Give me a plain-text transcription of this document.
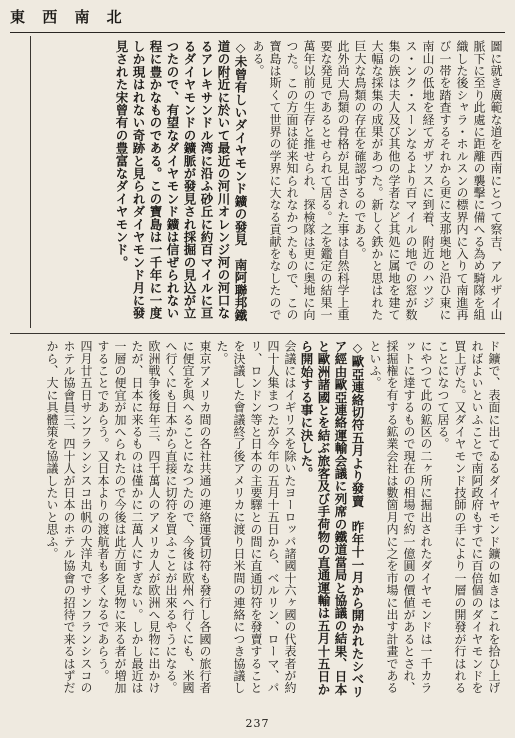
東 西 南 北
圖に就き廣範な道を西南にとつて察吉、アルザイ山脈下に至り此處に距離の襲擊に備へる為め騎隊を組織した後シャラ・ホルスンの標界内に入りて南進再び一帯を踏査するそれから更に支那奥地と沿ひ東に南山の低地を経てガザソスに到着、附近のハツジス・ンク・スーンなるより百マイルの地での窓が数集の族は夫人及び其他の学者など其処に属地を建て大幅な採集の成果があつた。新しく鉄かと思はれた巨大な鳥類の存在を確認するのである。
此外尚大鳥類の骨格が見出された事は自然科学上重要な発見であるとせられて居る。之を鑑定の結果一萬年以前の生存と推せられ、探検隊は更に奥地に向つた。この方面は従来知られなかつたもので、この寶島は斯くて世界の学界に大なる貢献をなしたのである。
◇未曾有しいダイヤモンド鑛の發見　南阿聯邦鐵道の附近に於いて最近の河川オレンジ河の河口なるアレキサンドル湾に沿ふ砂丘に約百マイルに亘るダイヤモンドの鑛脈が發見され採掘の見込が立つたので、有望なダイヤモンド鑛は信ぜられない程に豊かなものである。この寶島は一千年に一度しか現はれない奇跡と見られダイヤモンド月に發見された宋曾有の豊富なダイヤモンド。
ド鑛で、表面に出てゐるダイヤモンド鑛の如きはこれを拾ひ上げればよいといふことで南阿政府もすでに百倍個のダイヤモンドを買上げた。又ダイヤモンド技師の手により一層の開發が行はれることになつて居る。
にやつて此の鉱区の二ヶ所に掘出されたダイヤモンドは一千カラットに達するもので現在の相場で約一億圓の價値があるとされ、採掘権を有する鉱業会社は數箇月内に之を市場に出す計畫であるといふ。
◇歐亞連絡切符五月より發賣　昨年十一月から開かれたシベリア經由歐亞連絡運輸会議に列席の鐵道當局と協議の結果、日本と歐洲諸國とを結ぶ旅客及び手荷物の直通運輸は五月十五日から開始する事に決した。
会議にはイギリスを除いたヨーロッパ諸國十六ヶ國の代表者が約四十人集まつたが今年の五月十五日から、ベルリン、ローマ、パリ、ロンドン等と日本の主要驛との間に直通切符を發賣することを決議した會議終了後アメリカに渡り日米間の連絡につき協議した。
東京アメリカ間の各社共通の連絡運賃切符も發行し各國の旅行者に便宜を與へることになつたので、今後は欧州へ行くにも、米國へ行くにも日本から直接に切符を買ふことが出來るやうになる。
欧洲戦争後毎年三、四千萬人のアメリカ人が欧洲へ見物に出かけたが、日本に来るものは僅かに二萬人にすぎない。しかし最近は一層の便宜が加へられたので今後は此方面を見物に来る者が増加することであらう。又日本よりの渡航者も多くなるであらう。
四月廿五日サンフランシスコ出帆の大洋丸でサンフランシスコのホテル協會員三、四十人が日本のホテル協會の招待で来るはずだから、大に具體策を協議したいと思ふ。
237
